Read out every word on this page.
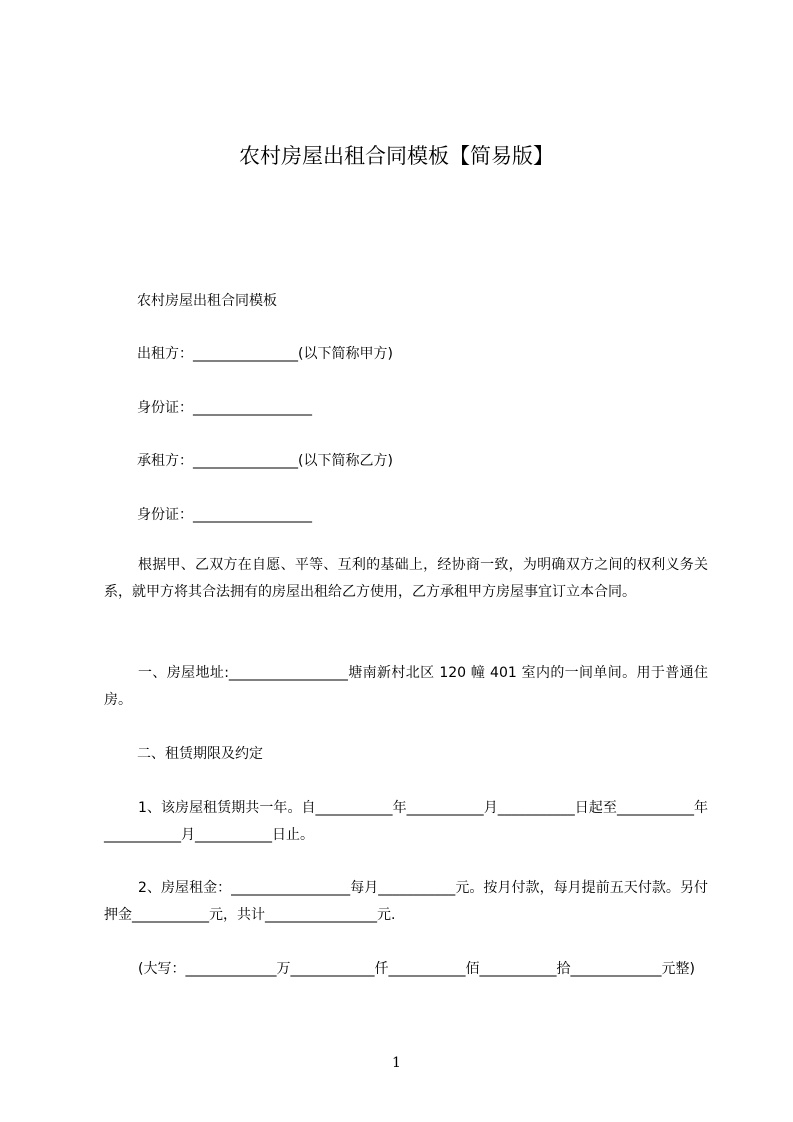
农村房屋出租合同模板【简易版】
农村房屋出租合同模板
出租方：_______________(以下简称甲方)
身份证：_________________
承租方：_______________(以下简称乙方)
身份证：_________________
根据甲、乙双方在自愿、平等、互利的基础上，经协商一致，为明确双方之间的权利义务关系，就甲方将其合法拥有的房屋出租给乙方使用，乙方承租甲方房屋事宜订立本合同。
一、房屋地址:_________________塘南新村北区 120 幢 401 室内的一间单间。用于普通住房。
二、租赁期限及约定
1、该房屋租赁期共一年。自___________年___________月___________日起至___________年___________月___________日止。
2、房屋租金：_________________每月___________元。按月付款，每月提前五天付款。另付押金___________元，共计________________元.
(大写：_____________万____________仟___________佰___________拾_____________元整)
1
